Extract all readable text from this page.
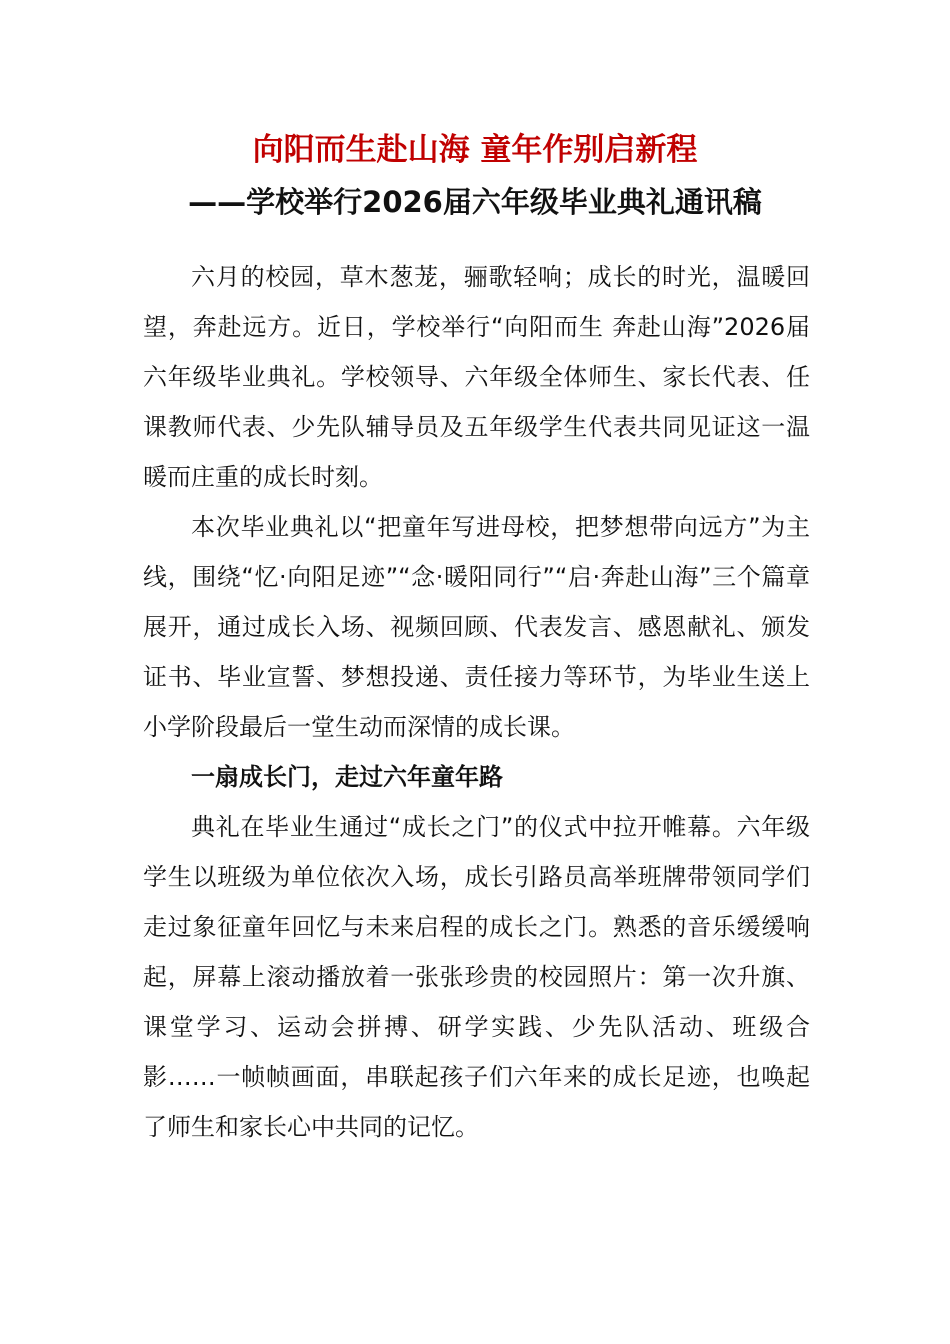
向阳而生赴山海 童年作别启新程
——学校举行2026届六年级毕业典礼通讯稿

六月的校园，草木葱茏，骊歌轻响；成长的时光，温暖回望，奔赴远方。近日，学校举行“向阳而生 奔赴山海”2026届六年级毕业典礼。学校领导、六年级全体师生、家长代表、任课教师代表、少先队辅导员及五年级学生代表共同见证这一温暖而庄重的成长时刻。

本次毕业典礼以“把童年写进母校，把梦想带向远方”为主线，围绕“忆·向阳足迹”“念·暖阳同行”“启·奔赴山海”三个篇章展开，通过成长入场、视频回顾、代表发言、感恩献礼、颁发证书、毕业宣誓、梦想投递、责任接力等环节，为毕业生送上小学阶段最后一堂生动而深情的成长课。

一扇成长门，走过六年童年路

典礼在毕业生通过“成长之门”的仪式中拉开帷幕。六年级学生以班级为单位依次入场，成长引路员高举班牌带领同学们走过象征童年回忆与未来启程的成长之门。熟悉的音乐缓缓响起，屏幕上滚动播放着一张张珍贵的校园照片：第一次升旗、课堂学习、运动会拼搏、研学实践、少先队活动、班级合影……一帧帧画面，串联起孩子们六年来的成长足迹，也唤起了师生和家长心中共同的记忆。
